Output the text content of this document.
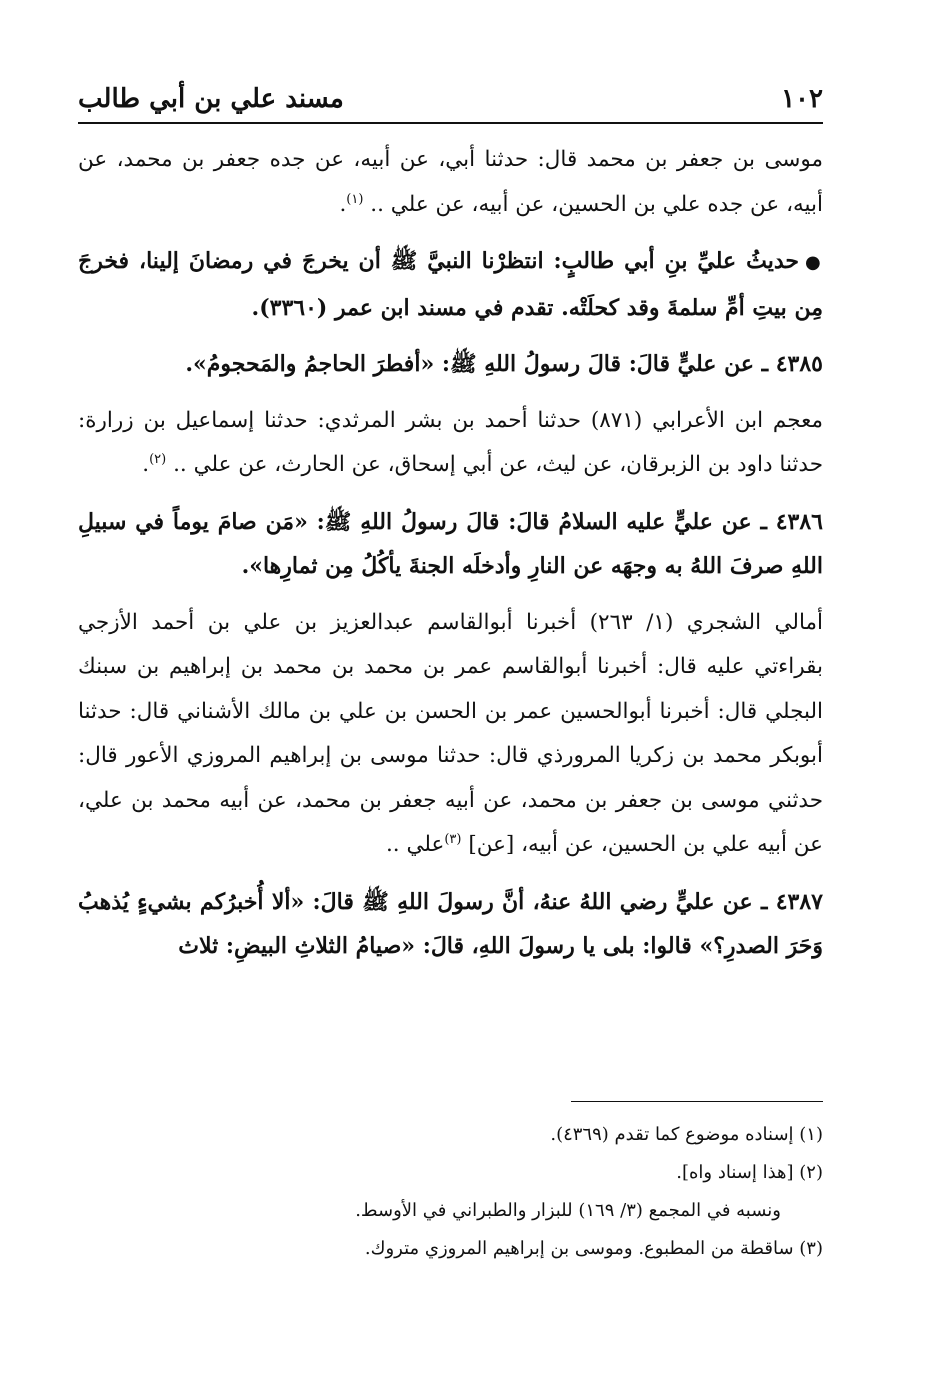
١٠٢
مسند علي بن أبي طالب

موسى بن جعفر بن محمد قال: حدثنا أبي، عن أبيه، عن جده جعفر بن محمد، عن أبيه، عن جده علي بن الحسين، عن أبيه، عن علي .. $^{(١)}$.

●حديثُ عليِّ بنِ أبي طالبٍ: انتظرْنا النبيَّ ﷺ أن يخرجَ في رمضانَ إلينا، فخرجَ مِن بيتِ أمِّ سلمةَ وقد كحلَتْه. تقدم في مسند ابن عمر (٣٣٦٠).

٤٣٨٥ ـ عن عليٍّ قالَ: قالَ رسولُ اللهِ ﷺ: «أفطرَ الحاجمُ والمَحجومُ».

معجم ابن الأعرابي (٨٧١) حدثنا أحمد بن بشر المرثدي: حدثنا إسماعيل بن زرارة: حدثنا داود بن الزبرقان، عن ليث، عن أبي إسحاق، عن الحارث، عن علي .. $^{(٢)}$.

٤٣٨٦ ـ عن عليٍّ عليه السلامُ قالَ: قالَ رسولُ اللهِ ﷺ: «مَن صامَ يوماً في سبيلِ اللهِ صرفَ اللهُ به وجهَه عن النارِ وأدخلَه الجنةَ يأكُلُ مِن ثمارِها».

أمالي الشجري (١/ ٢٦٣) أخبرنا أبوالقاسم عبدالعزيز بن علي بن أحمد الأزجي بقراءتي عليه قال: أخبرنا أبوالقاسم عمر بن محمد بن محمد بن إبراهيم بن سبنك البجلي قال: أخبرنا أبوالحسين عمر بن الحسن بن علي بن مالك الأشناني قال: حدثنا أبوبكر محمد بن زكريا المرورذي قال: حدثنا موسى بن إبراهيم المروزي الأعور قال: حدثني موسى بن جعفر بن محمد، عن أبيه جعفر بن محمد، عن أبيه محمد بن علي، عن أبيه علي بن الحسين، عن أبيه، [عن] $^{(٣)}$علي ..

٤٣٨٧ ـ عن عليٍّ رضي اللهُ عنهُ، أنَّ رسولَ اللهِ ﷺ قالَ: «ألا أُخبرُكم بشيءٍ يُذهبُ وَحَرَ الصدرِ؟» قالوا: بلى يا رسولَ اللهِ، قالَ: «صيامُ الثلاثِ البيضِ: ثلاث

(١) إسناده موضوع كما تقدم (٤٣٦٩).

(٢) [هذا إسناد واه].

ونسبه في المجمع (٣/ ١٦٩) للبزار والطبراني في الأوسط.

(٣) ساقطة من المطبوع. وموسى بن إبراهيم المروزي متروك.
